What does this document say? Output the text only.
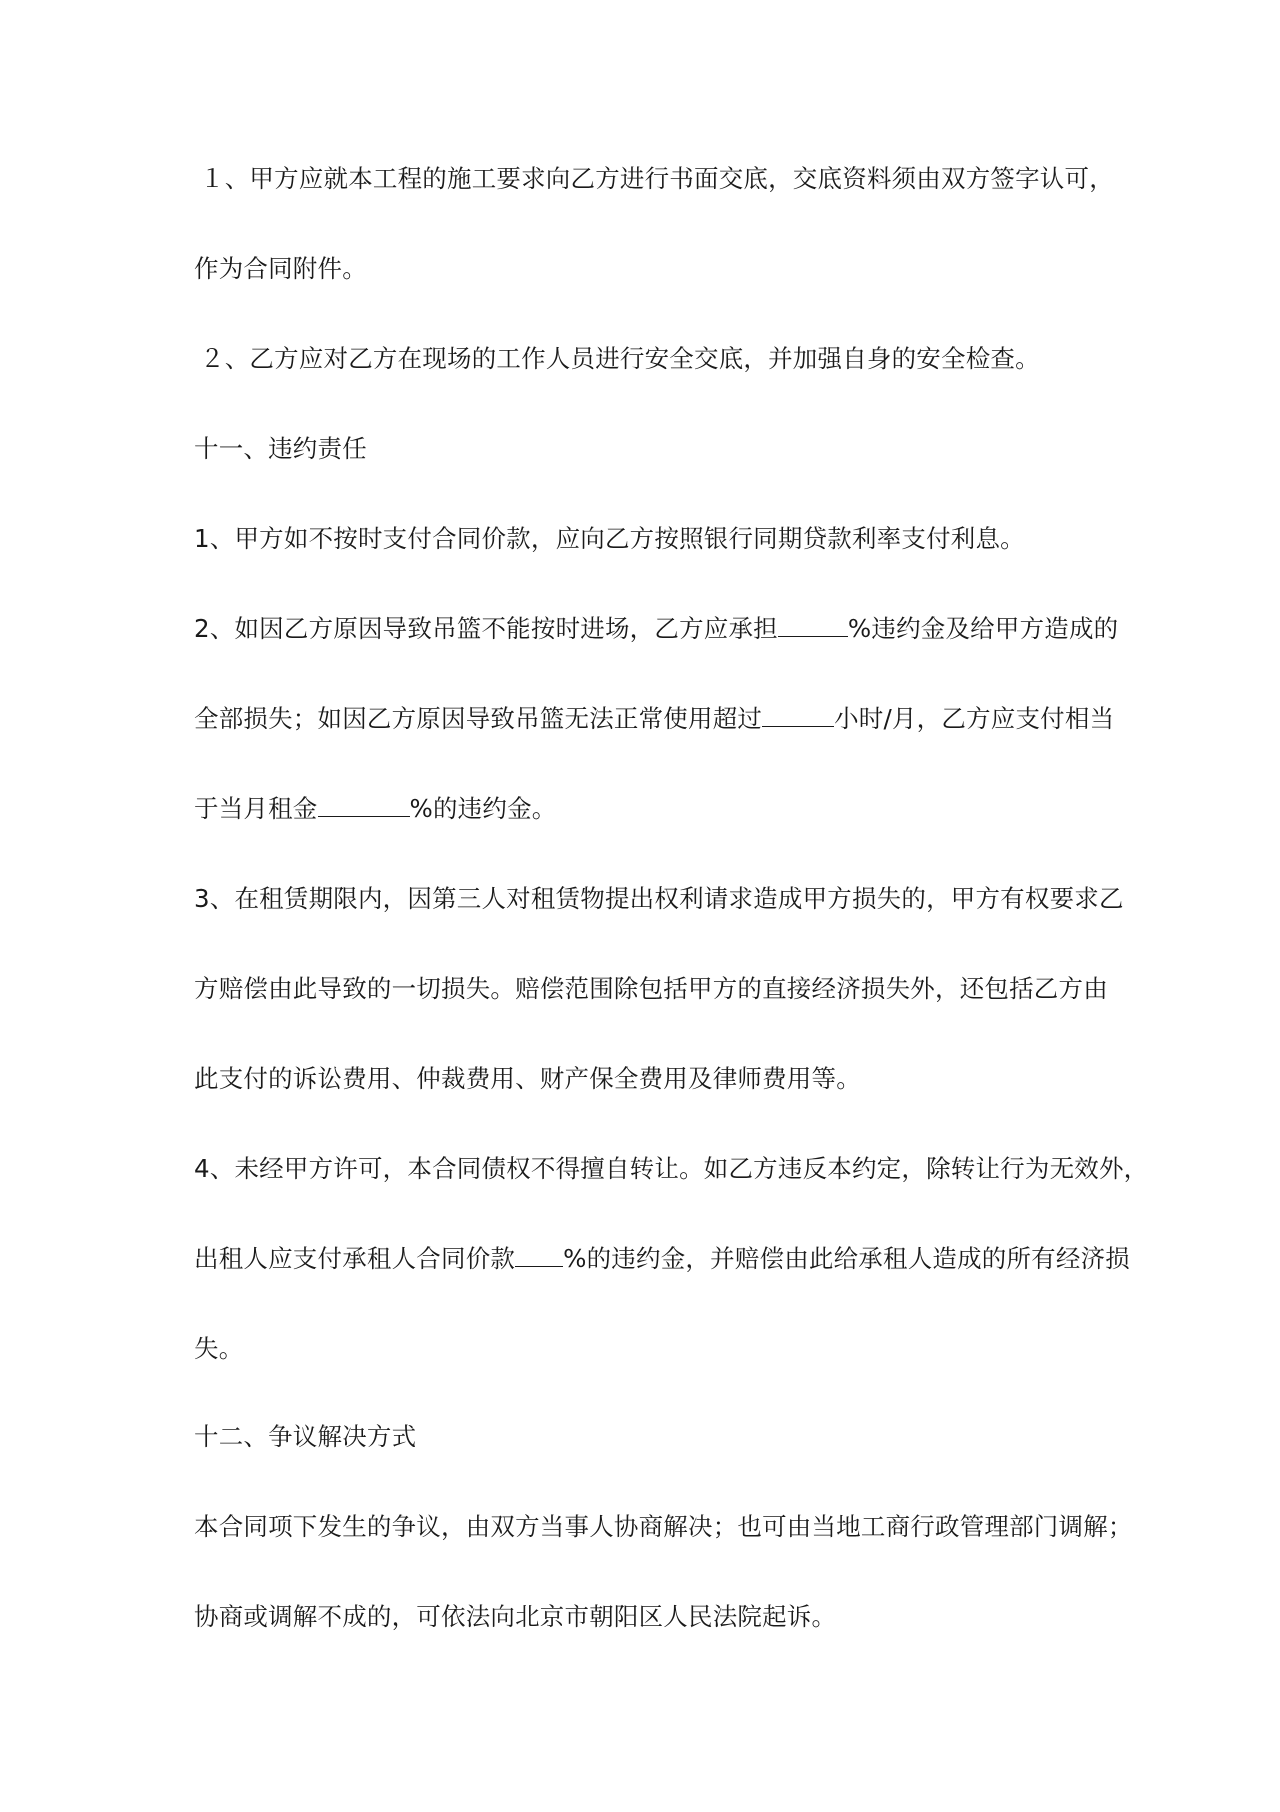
１、甲方应就本工程的施工要求向乙方进行书面交底，交底资料须由双方签字认可，
作为合同附件。
２、乙方应对乙方在现场的工作人员进行安全交底，并加强自身的安全检查。
十一、违约责任
1、甲方如不按时支付合同价款，应向乙方按照银行同期贷款利率支付利息。
2、如因乙方原因导致吊篮不能按时进场，乙方应承担	%违约金及给甲方造成的
全部损失；如因乙方原因导致吊篮无法正常使用超过	小时/月，乙方应支付相当
于当月租金	%的违约金。
3、在租赁期限内，因第三人对租赁物提出权利请求造成甲方损失的，甲方有权要求乙
方赔偿由此导致的一切损失。赔偿范围除包括甲方的直接经济损失外，还包括乙方由
此支付的诉讼费用、仲裁费用、财产保全费用及律师费用等。
4、未经甲方许可，本合同债权不得擅自转让。如乙方违反本约定，除转让行为无效外，
出租人应支付承租人合同价款 %的违约金，并赔偿由此给承租人造成的所有经济损
失。
十二、争议解决方式
本合同项下发生的争议，由双方当事人协商解决；也可由当地工商行政管理部门调解；
协商或调解不成的，可依法向北京市朝阳区人民法院起诉。
